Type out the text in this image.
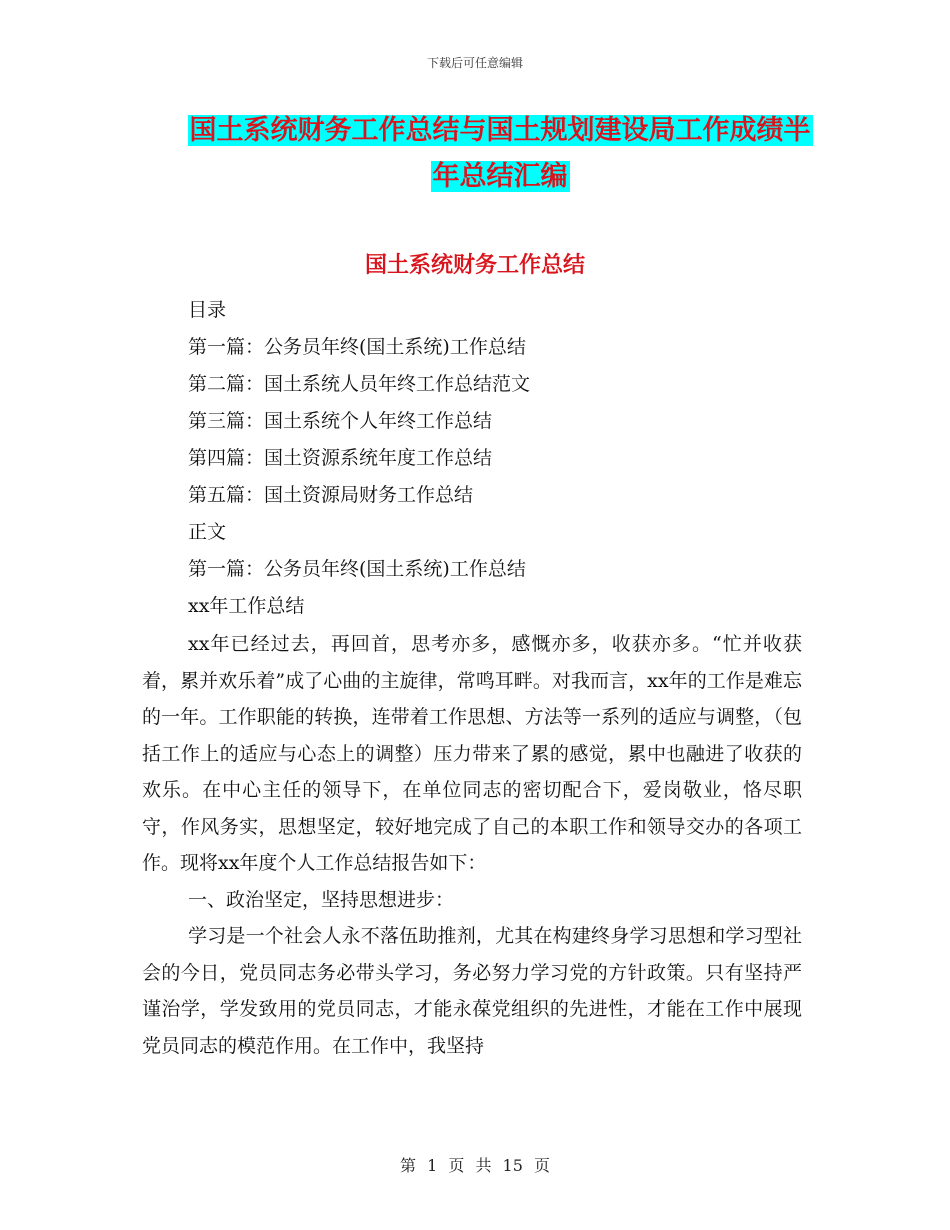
下载后可任意编辑
国土系统财务工作总结与国土规划建设局工作成绩半
年总结汇编
国土系统财务工作总结
目录
第一篇：公务员年终(国土系统)工作总结
第二篇：国土系统人员年终工作总结范文
第三篇：国土系统个人年终工作总结
第四篇：国土资源系统年度工作总结
第五篇：国土资源局财务工作总结
正文
第一篇：公务员年终(国土系统)工作总结
xx年工作总结

xx年已经过去，再回首，思考亦多，感慨亦多，收获亦多。“忙并收获着，累并欢乐着”成了心曲的主旋律，常鸣耳畔。对我而言，xx年的工作是难忘的一年。工作职能的转换，连带着工作思想、方法等一系列的适应与调整，（包括工作上的适应与心态上的调整）压力带来了累的感觉，累中也融进了收获的欢乐。在中心主任的领导下，在单位同志的密切配合下，爱岗敬业，恪尽职守，作风务实，思想坚定，较好地完成了自己的本职工作和领导交办的各项工作。现将xx年度个人工作总结报告如下：

一、政治坚定，坚持思想进步：

学习是一个社会人永不落伍助推剂，尤其在构建终身学习思想和学习型社会的今日，党员同志务必带头学习，务必努力学习党的方针政策。只有坚持严谨治学，学发致用的党员同志，才能永葆党组织的先进性，才能在工作中展现党员同志的模范作用。在工作中，我坚持

第 1 页 共 15 页
